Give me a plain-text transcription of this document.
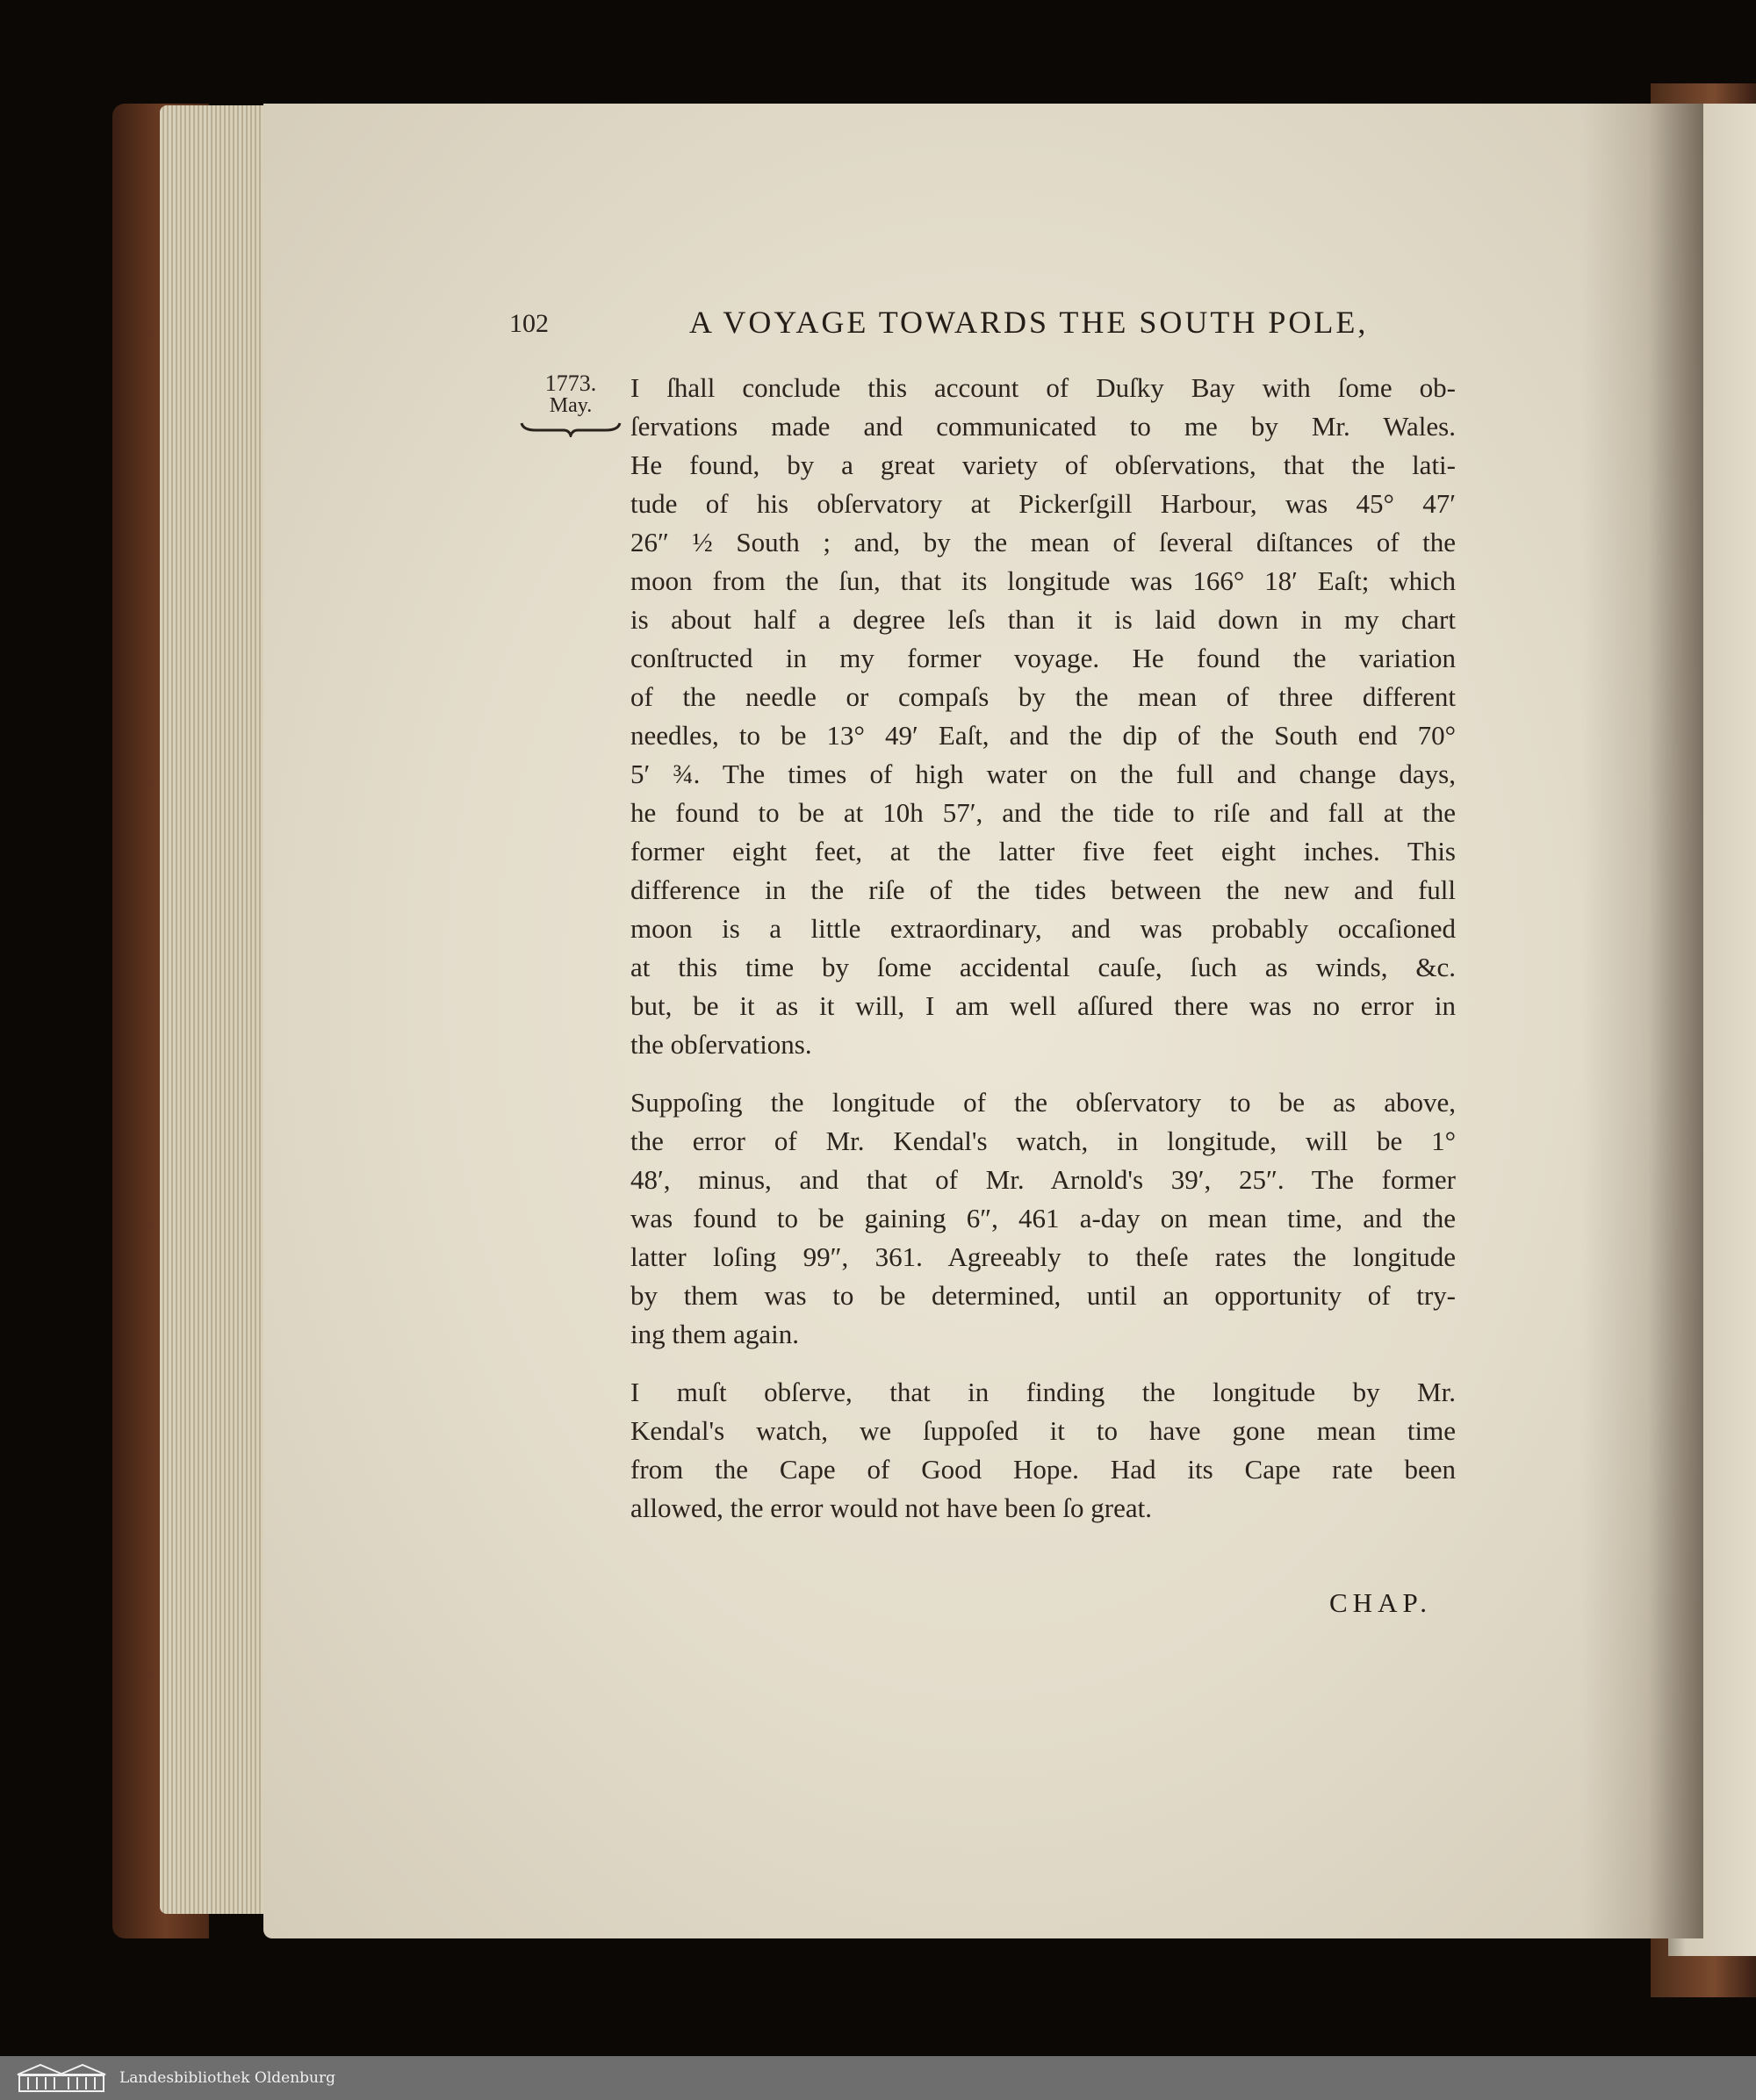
102	A VOYAGE TOWARDS THE SOUTH POLE,
1773.
May.
I ſhall conclude this account of Duſky Bay with ſome ob-
ſervations made and communicated to me by Mr. Wales.
He found, by a great variety of obſervations, that the lati-
tude of his obſervatory at Pickerſgill Harbour, was 45° 47′
26″ ½ South ; and, by the mean of ſeveral diſtances of the
moon from the ſun, that its longitude was 166° 18′ Eaſt; which
is about half a degree leſs than it is laid down in my chart
conſtructed in my former voyage. He found the variation
of the needle or compaſs by the mean of three different
needles, to be 13° 49′ Eaſt, and the dip of the South end 70°
5′ ¾. The times of high water on the full and change days,
he found to be at 10h 57′, and the tide to riſe and fall at the
former eight feet, at the latter five feet eight inches. This
difference in the riſe of the tides between the new and full
moon is a little extraordinary, and was probably occaſioned
at this time by ſome accidental cauſe, ſuch as winds, &c.
but, be it as it will, I am well aſſured there was no error in
the obſervations.
Suppoſing the longitude of the obſervatory to be as above,
the error of Mr. Kendal's watch, in longitude, will be 1°
48′, minus, and that of Mr. Arnold's 39′, 25″. The former
was found to be gaining 6″, 461 a-day on mean time, and the
latter loſing 99″, 361. Agreeably to theſe rates the longitude
by them was to be determined, until an opportunity of try-
ing them again.
I muſt obſerve, that in finding the longitude by Mr.
Kendal's watch, we ſuppoſed it to have gone mean time
from the Cape of Good Hope. Had its Cape rate been
allowed, the error would not have been ſo great.
CHAP.
Landesbibliothek Oldenburg
